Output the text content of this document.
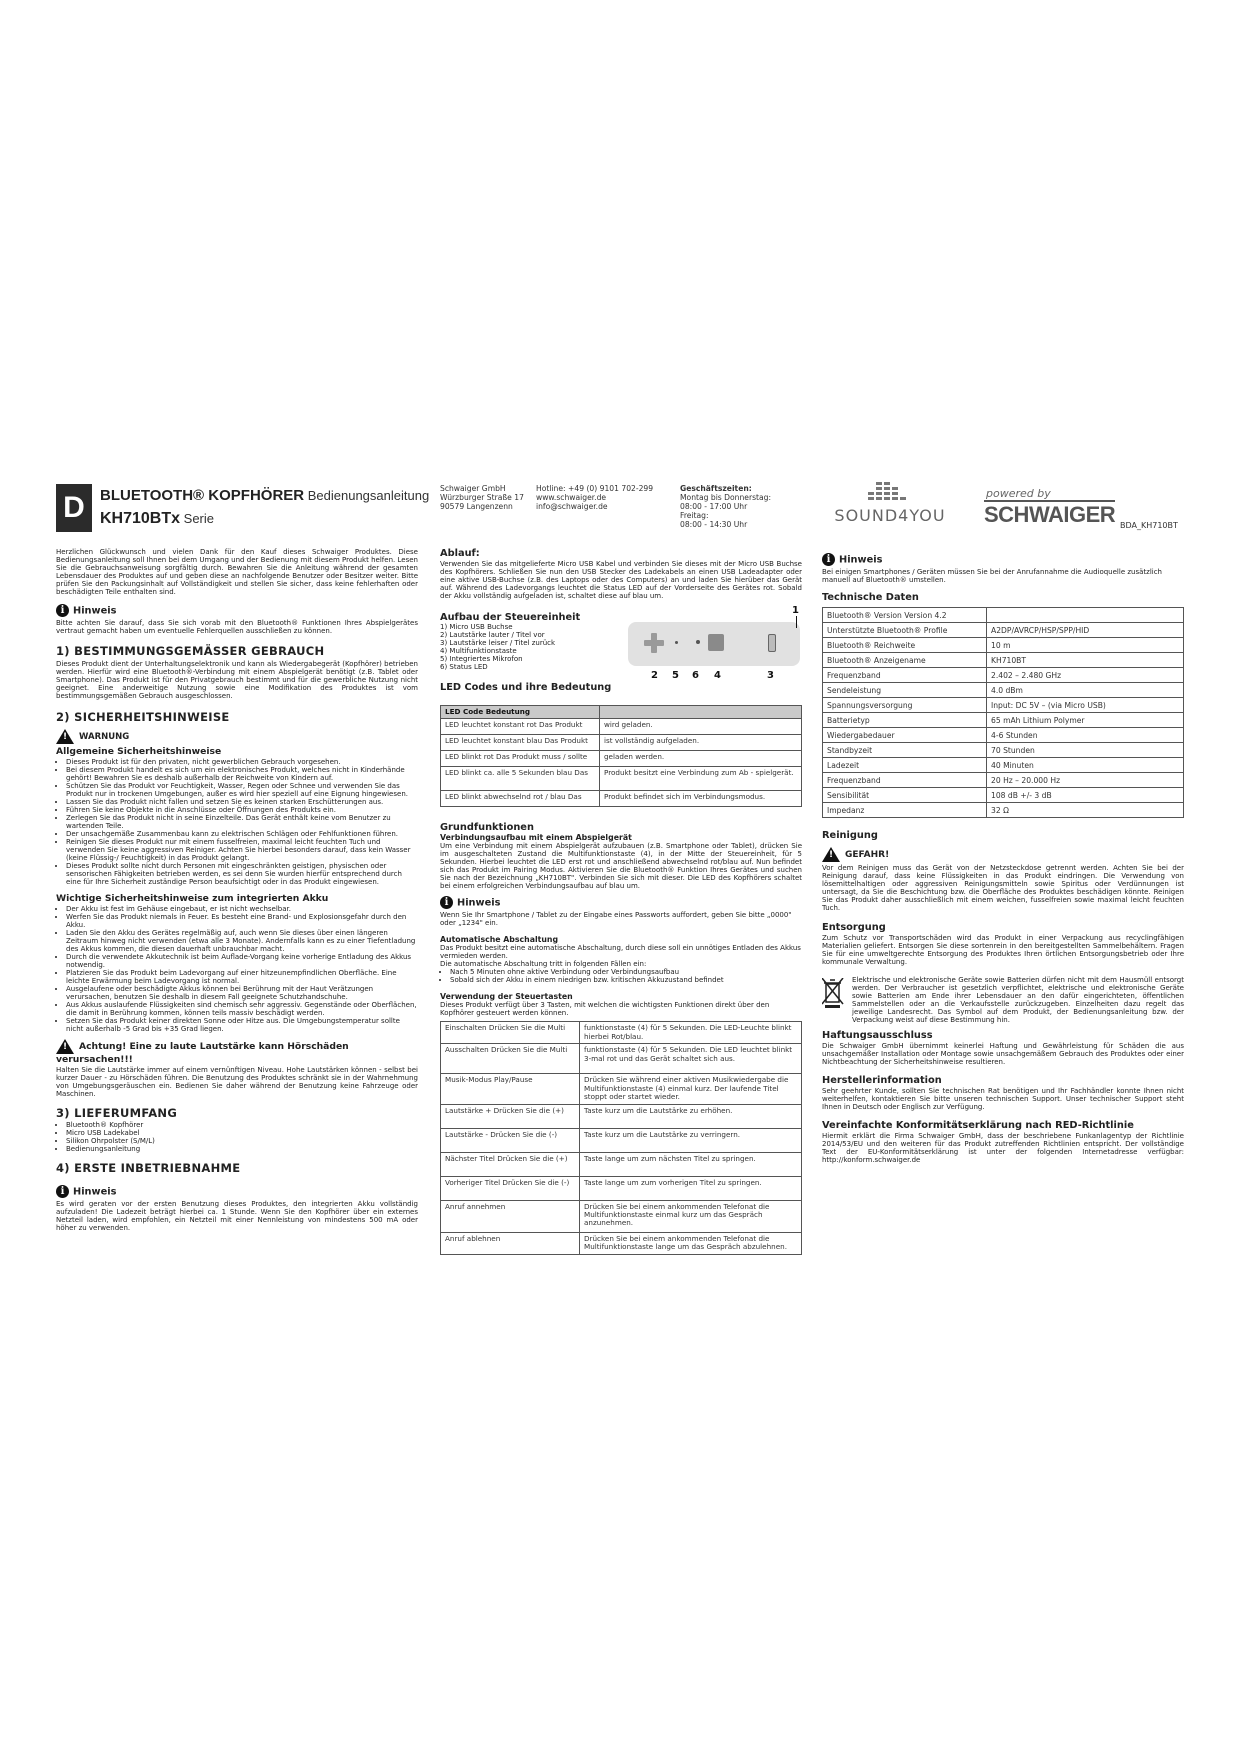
D	BLUETOOTH® KOPFHÖRER Bedienungsanleitung
KH710BTx Serie
Schwaiger GmbH
Würzburger Straße 17
90579 Langenzenn
Hotline: +49 (0) 9101 702-299
www.schwaiger.de
info@schwaiger.de
Geschäftszeiten:
Montag bis Donnerstag:
08:00 - 17:00 Uhr
Freitag:
08:00 - 14:30 Uhr	SOUND4YOU
powered by
SCHWAIGER BDA_KH710BT

Herzlichen Glückwunsch und vielen Dank für den Kauf dieses Schwaiger Produktes. Diese Bedienungsanleitung soll Ihnen bei dem Umgang und der Bedienung mit diesem Produkt helfen. Lesen Sie die Gebrauchsanweisung sorgfältig durch. Bewahren Sie die Anleitung während der gesamten Lebensdauer des Produktes auf und geben diese an nachfolgende Benutzer oder Besitzer weiter. Bitte prüfen Sie den Packungsinhalt auf Vollständigkeit und stellen Sie sicher, dass keine fehlerhaften oder beschädigten Teile enthalten sind.

i Hinweis

Bitte achten Sie darauf, dass Sie sich vorab mit den Bluetooth® Funktionen Ihres Abspielgerätes vertraut gemacht haben um eventuelle Fehlerquellen ausschließen zu können.

1) BESTIMMUNGSGEMÄSSER GEBRAUCH

Dieses Produkt dient der Unterhaltungselektronik und kann als Wiedergabegerät (Kopfhörer) betrieben werden. Hierfür wird eine Bluetooth®-Verbindung mit einem Abspielgerät benötigt (z.B. Tablet oder Smartphone). Das Produkt ist für den Privatgebrauch bestimmt und für die gewerbliche Nutzung nicht geeignet. Eine anderweitige Nutzung sowie eine Modifikation des Produktes ist vom bestimmungsgemäßen Gebrauch ausgeschlossen.

2) SICHERHEITSHINWEISE
!WARNUNG
Allgemeine Sicherheitshinweise
• Dieses Produkt ist für den privaten, nicht gewerblichen Gebrauch vorgesehen.
• Bei diesem Produkt handelt es sich um ein elektronisches Produkt, welches nicht in Kinderhände gehört! Bewahren Sie es deshalb außerhalb der Reichweite von Kindern auf.
• Schützen Sie das Produkt vor Feuchtigkeit, Wasser, Regen oder Schnee und verwenden Sie das Produkt nur in trockenen Umgebungen, außer es wird hier speziell auf eine Eignung hingewiesen.
• Lassen Sie das Produkt nicht fallen und setzen Sie es keinen starken Erschütterungen aus.
• Führen Sie keine Objekte in die Anschlüsse oder Öffnungen des Produkts ein.
• Zerlegen Sie das Produkt nicht in seine Einzelteile. Das Gerät enthält keine vom Benutzer zu wartenden Teile.
• Der unsachgemäße Zusammenbau kann zu elektrischen Schlägen oder Fehlfunktionen führen.
• Reinigen Sie dieses Produkt nur mit einem fusselfreien, maximal leicht feuchten Tuch und verwenden Sie keine aggressiven Reiniger. Achten Sie hierbei besonders darauf, dass kein Wasser (keine Flüssig-/ Feuchtigkeit) in das Produkt gelangt.
• Dieses Produkt sollte nicht durch Personen mit eingeschränkten geistigen, physischen oder sensorischen Fähigkeiten betrieben werden, es sei denn Sie wurden hierfür entsprechend durch eine für Ihre Sicherheit zuständige Person beaufsichtigt oder in das Produkt eingewiesen.
Wichtige Sicherheitshinweise zum integrierten Akku
• Der Akku ist fest im Gehäuse eingebaut, er ist nicht wechselbar.
• Werfen Sie das Produkt niemals in Feuer. Es besteht eine Brand- und Explosionsgefahr durch den Akku.
• Laden Sie den Akku des Gerätes regelmäßig auf, auch wenn Sie dieses über einen längeren Zeitraum hinweg nicht verwenden (etwa alle 3 Monate). Andernfalls kann es zu einer Tiefentladung des Akkus kommen, die diesen dauerhaft unbrauchbar macht.
• Durch die verwendete Akkutechnik ist beim Auflade-Vorgang keine vorherige Entladung des Akkus notwendig.
• Platzieren Sie das Produkt beim Ladevorgang auf einer hitzeunempfindlichen Oberfläche. Eine leichte Erwärmung beim Ladevorgang ist normal.
• Ausgelaufene oder beschädigte Akkus können bei Berührung mit der Haut Verätzungen verursachen, benutzen Sie deshalb in diesem Fall geeignete Schutzhandschuhe.
• Aus Akkus auslaufende Flüssigkeiten sind chemisch sehr aggressiv. Gegenstände oder Oberflächen, die damit in Berührung kommen, können teils massiv beschädigt werden.
• Setzen Sie das Produkt keiner direkten Sonne oder Hitze aus. Die Umgebungstemperatur sollte nicht außerhalb -5 Grad bis +35 Grad liegen.
!Achtung! Eine zu laute Lautstärke kann Hörschäden verursachen!!!

Halten Sie die Lautstärke immer auf einem vernünftigen Niveau. Hohe Lautstärken können - selbst bei kurzer Dauer - zu Hörschäden führen. Die Benutzung des Produktes schränkt sie in der Wahrnehmung von Umgebungsgeräuschen ein. Bedienen Sie daher während der Benutzung keine Fahrzeuge oder Maschinen.

3) LIEFERUMFANG
• Bluetooth® Kopfhörer
• Micro USB Ladekabel
• Silikon Ohrpolster (S/M/L)
• Bedienungsanleitung
4) ERSTE INBETRIEBNAHME
i Hinweis

Es wird geraten vor der ersten Benutzung dieses Produktes, den integrierten Akku vollständig aufzuladen! Die Ladezeit beträgt hierbei ca. 1 Stunde. Wenn Sie den Kopfhörer über ein externes Netzteil laden, wird empfohlen, ein Netzteil mit einer Nennleistung von mindestens 500 mA oder höher zu verwenden.

Ablauf:

Verwenden Sie das mitgelieferte Micro USB Kabel und verbinden Sie dieses mit der Micro USB Buchse des Kopfhörers. Schließen Sie nun den USB Stecker des Ladekabels an einen USB Ladeadapter oder eine aktive USB-Buchse (z.B. des Laptops oder des Computers) an und laden Sie hierüber das Gerät auf. Während des Ladevorgangs leuchtet die Status LED auf der Vorderseite des Gerätes rot. Sobald der Akku vollständig aufgeladen ist, schaltet diese auf blau um.

Aufbau der Steuereinheit
1) Micro USB Buchse
2) Lautstärke lauter / Titel vor
3) Lautstärke leiser / Titel zurück
4) Multifunktionstaste
5) Integriertes Mikrofon
6) Status LED
1
2 5 6 4	3
LED Codes und ihre Bedeutung
LED Code Bedeutung	
LED leuchtet konstant rot Das Produkt	wird geladen.
LED leuchtet konstant blau Das Produkt	ist vollständig aufgeladen.
LED blinkt rot Das Produkt muss / sollte	geladen werden.
LED blinkt ca. alle 5 Sekunden blau Das	Produkt besitzt eine Verbindung zum Ab - spielgerät.
LED blinkt abwechselnd rot / blau Das	Produkt befindet sich im Verbindungsmodus.
Grundfunktionen
Verbindungsaufbau mit einem Abspielgerät

Um eine Verbindung mit einem Abspielgerät aufzubauen (z.B. Smartphone oder Tablet), drücken Sie im ausgeschalteten Zustand die Multifunktionstaste (4), in der Mitte der Steuereinheit, für 5 Sekunden. Hierbei leuchtet die LED erst rot und anschließend abwechselnd rot/blau auf. Nun befindet sich das Produkt im Pairing Modus. Aktivieren Sie die Bluetooth® Funktion Ihres Gerätes und suchen Sie nach der Bezeichnung „KH710BT". Verbinden Sie sich mit dieser. Die LED des Kopfhörers schaltet bei einem erfolgreichen Verbindungsaufbau auf blau um.

i Hinweis

Wenn Sie Ihr Smartphone / Tablet zu der Eingabe eines Passworts auffordert, geben Sie bitte „0000" oder „1234" ein.

Automatische Abschaltung

Das Produkt besitzt eine automatische Abschaltung, durch diese soll ein unnötiges Entladen des Akkus vermieden werden.

Die automatische Abschaltung tritt in folgenden Fällen ein:

• Nach 5 Minuten ohne aktive Verbindung oder Verbindungsaufbau
• Sobald sich der Akku in einem niedrigen bzw. kritischen Akkuzustand befindet
Verwendung der Steuertasten

Dieses Produkt verfügt über 3 Tasten, mit welchen die wichtigsten Funktionen direkt über den Kopfhörer gesteuert werden können.

Einschalten Drücken Sie die Multi	funktionstaste (4) für 5 Sekunden. Die LED-Leuchte blinkt hierbei Rot/blau.
Ausschalten Drücken Sie die Multi	funktionstaste (4) für 5 Sekunden. Die LED leuchtet blinkt 3-mal rot und das Gerät schaltet sich aus.
Musik-Modus Play/Pause	Drücken Sie während einer aktiven Musikwiedergabe die Multifunktionstaste (4) einmal kurz. Der laufende Titel stoppt oder startet wieder.
Lautstärke + Drücken Sie die (+)	Taste kurz um die Lautstärke zu erhöhen.
Lautstärke - Drücken Sie die (-)	Taste kurz um die Lautstärke zu verringern.
Nächster Titel Drücken Sie die (+)	Taste lange um zum nächsten Titel zu springen.
Vorheriger Titel Drücken Sie die (-)	Taste lange um zum vorherigen Titel zu springen.
Anruf annehmen	Drücken Sie bei einem ankommenden Telefonat die Multifunktionstaste einmal kurz um das Gespräch anzunehmen.
Anruf ablehnen	Drücken Sie bei einem ankommenden Telefonat die Multifunktionstaste lange um das Gespräch abzulehnen.
i Hinweis

Bei einigen Smartphones / Geräten müssen Sie bei der Anrufannahme die Audioquelle zusätzlich manuell auf Bluetooth® umstellen.

Technische Daten
Bluetooth® Version Version 4.2	
Unterstützte Bluetooth® Profile	A2DP/AVRCP/HSP/SPP/HID
Bluetooth® Reichweite	10 m
Bluetooth® Anzeigename	KH710BT
Frequenzband	2.402 – 2.480 GHz
Sendeleistung	4.0 dBm
Spannungsversorgung	Input: DC 5V – (via Micro USB)
Batterietyp	65 mAh Lithium Polymer
Wiedergabedauer	4-6 Stunden
Standbyzeit	70 Stunden
Ladezeit	40 Minuten
Frequenzband	20 Hz – 20.000 Hz
Sensibilität	108 dB +/- 3 dB
Impedanz	32 Ω
Reinigung
!GEFAHR!

Vor dem Reinigen muss das Gerät von der Netzsteckdose getrennt werden. Achten Sie bei der Reinigung darauf, dass keine Flüssigkeiten in das Produkt eindringen. Die Verwendung von lösemittelhaltigen oder aggressiven Reinigungsmitteln sowie Spiritus oder Verdünnungen ist untersagt, da Sie die Beschichtung bzw. die Oberfläche des Produktes beschädigen könnte. Reinigen Sie das Produkt daher ausschließlich mit einem weichen, fusselfreien sowie maximal leicht feuchten Tuch.

Entsorgung

Zum Schutz vor Transportschäden wird das Produkt in einer Verpackung aus recyclingfähigen Materialien geliefert. Entsorgen Sie diese sortenrein in den bereitgestellten Sammelbehältern. Fragen Sie für eine umweltgerechte Entsorgung des Produktes Ihren örtlichen Entsorgungsbetrieb oder Ihre kommunale Verwaltung.

Elektrische und elektronische Geräte sowie Batterien dürfen nicht mit dem Hausmüll entsorgt werden. Der Verbraucher ist gesetzlich verpflichtet, elektrische und elektronische Geräte sowie Batterien am Ende ihrer Lebensdauer an den dafür eingerichteten, öffentlichen Sammelstellen oder an die Verkaufsstelle zurückzugeben. Einzelheiten dazu regelt das jeweilige Landesrecht. Das Symbol auf dem Produkt, der Bedienungsanleitung bzw. der Verpackung weist auf diese Bestimmung hin.

Haftungsausschluss

Die Schwaiger GmbH übernimmt keinerlei Haftung und Gewährleistung für Schäden die aus unsachgemäßer Installation oder Montage sowie unsachgemäßem Gebrauch des Produktes oder einer Nichtbeachtung der Sicherheitshinweise resultieren.

Herstellerinformation

Sehr geehrter Kunde, sollten Sie technischen Rat benötigen und Ihr Fachhändler konnte Ihnen nicht weiterhelfen, kontaktieren Sie bitte unseren technischen Support. Unser technischer Support steht Ihnen in Deutsch oder Englisch zur Verfügung.

Vereinfachte Konformitätserklärung nach RED-Richtlinie

Hiermit erklärt die Firma Schwaiger GmbH, dass der beschriebene Funkanlagentyp der Richtlinie 2014/53/EU und den weiteren für das Produkt zutreffenden Richtlinien entspricht. Der vollständige Text der EU-Konformitätserklärung ist unter der folgenden Internetadresse verfügbar: http://konform.schwaiger.de
